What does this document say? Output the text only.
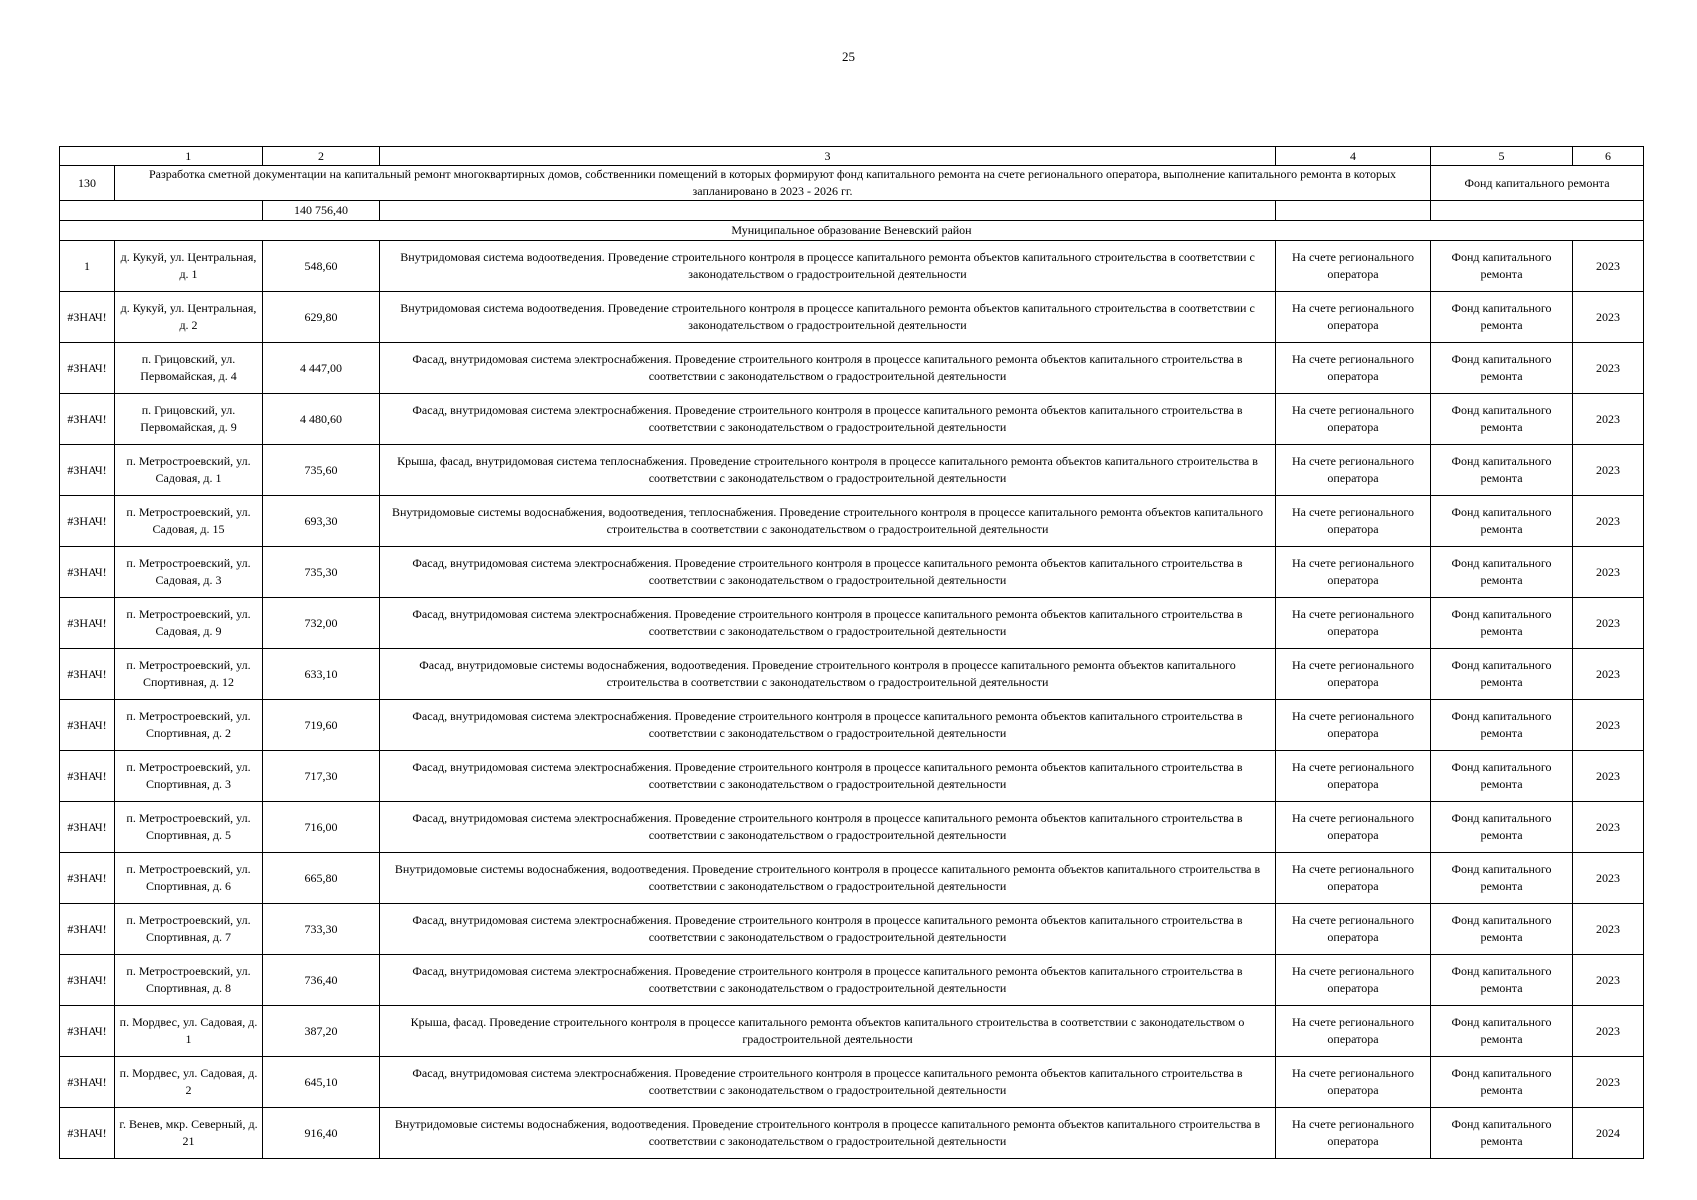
25
	1	2	3	4	5	6
130	Разработка сметной документации на капитальный ремонт многоквартирных домов, собственники помещений в которых формируют фонд капитального ремонта на счете регионального оператора, выполнение капитального ремонта в которых запланировано в 2023 - 2026 гг.				Фонд капитального ремонта	
		140 756,40				
Муниципальное образование Веневский район						
1	д. Кукуй, ул. Центральная, д. 1	548,60	Внутридомовая система водоотведения. Проведение строительного контроля в процессе капитального ремонта объектов капитального строительства в соответствии с законодательством о градостроительной деятельности	На счете регионального оператора	Фонд капитального ремонта	2023
#ЗНАЧ!	д. Кукуй, ул. Центральная, д. 2	629,80	Внутридомовая система водоотведения. Проведение строительного контроля в процессе капитального ремонта объектов капитального строительства в соответствии с законодательством о градостроительной деятельности	На счете регионального оператора	Фонд капитального ремонта	2023
#ЗНАЧ!	п. Грицовский, ул. Первомайская, д. 4	4 447,00	Фасад, внутридомовая система электроснабжения. Проведение строительного контроля в процессе капитального ремонта объектов капитального строительства в соответствии с законодательством о градостроительной деятельности	На счете регионального оператора	Фонд капитального ремонта	2023
#ЗНАЧ!	п. Грицовский, ул. Первомайская, д. 9	4 480,60	Фасад, внутридомовая система электроснабжения. Проведение строительного контроля в процессе капитального ремонта объектов капитального строительства в соответствии с законодательством о градостроительной деятельности	На счете регионального оператора	Фонд капитального ремонта	2023
#ЗНАЧ!	п. Метростроевский, ул. Садовая, д. 1	735,60	Крыша, фасад, внутридомовая система теплоснабжения. Проведение строительного контроля в процессе капитального ремонта объектов капитального строительства в соответствии с законодательством о градостроительной деятельности	На счете регионального оператора	Фонд капитального ремонта	2023
#ЗНАЧ!	п. Метростроевский, ул. Садовая, д. 15	693,30	Внутридомовые системы водоснабжения, водоотведения, теплоснабжения. Проведение строительного контроля в процессе капитального ремонта объектов капитального строительства в соответствии с законодательством о градостроительной деятельности	На счете регионального оператора	Фонд капитального ремонта	2023
#ЗНАЧ!	п. Метростроевский, ул. Садовая, д. 3	735,30	Фасад, внутридомовая система электроснабжения. Проведение строительного контроля в процессе капитального ремонта объектов капитального строительства в соответствии с законодательством о градостроительной деятельности	На счете регионального оператора	Фонд капитального ремонта	2023
#ЗНАЧ!	п. Метростроевский, ул. Садовая, д. 9	732,00	Фасад, внутридомовая система электроснабжения. Проведение строительного контроля в процессе капитального ремонта объектов капитального строительства в соответствии с законодательством о градостроительной деятельности	На счете регионального оператора	Фонд капитального ремонта	2023
#ЗНАЧ!	п. Метростроевский, ул. Спортивная, д. 12	633,10	Фасад, внутридомовые системы водоснабжения, водоотведения. Проведение строительного контроля в процессе капитального ремонта объектов капитального строительства в соответствии с законодательством о градостроительной деятельности	На счете регионального оператора	Фонд капитального ремонта	2023
#ЗНАЧ!	п. Метростроевский, ул. Спортивная, д. 2	719,60	Фасад, внутридомовая система электроснабжения. Проведение строительного контроля в процессе капитального ремонта объектов капитального строительства в соответствии с законодательством о градостроительной деятельности	На счете регионального оператора	Фонд капитального ремонта	2023
#ЗНАЧ!	п. Метростроевский, ул. Спортивная, д. 3	717,30	Фасад, внутридомовая система электроснабжения. Проведение строительного контроля в процессе капитального ремонта объектов капитального строительства в соответствии с законодательством о градостроительной деятельности	На счете регионального оператора	Фонд капитального ремонта	2023
#ЗНАЧ!	п. Метростроевский, ул. Спортивная, д. 5	716,00	Фасад, внутридомовая система электроснабжения. Проведение строительного контроля в процессе капитального ремонта объектов капитального строительства в соответствии с законодательством о градостроительной деятельности	На счете регионального оператора	Фонд капитального ремонта	2023
#ЗНАЧ!	п. Метростроевский, ул. Спортивная, д. 6	665,80	Внутридомовые системы водоснабжения, водоотведения. Проведение строительного контроля в процессе капитального ремонта объектов капитального строительства в соответствии с законодательством о градостроительной деятельности	На счете регионального оператора	Фонд капитального ремонта	2023
#ЗНАЧ!	п. Метростроевский, ул. Спортивная, д. 7	733,30	Фасад, внутридомовая система электроснабжения. Проведение строительного контроля в процессе капитального ремонта объектов капитального строительства в соответствии с законодательством о градостроительной деятельности	На счете регионального оператора	Фонд капитального ремонта	2023
#ЗНАЧ!	п. Метростроевский, ул. Спортивная, д. 8	736,40	Фасад, внутридомовая система электроснабжения. Проведение строительного контроля в процессе капитального ремонта объектов капитального строительства в соответствии с законодательством о градостроительной деятельности	На счете регионального оператора	Фонд капитального ремонта	2023
#ЗНАЧ!	п. Мордвес, ул. Садовая, д. 1	387,20	Крыша, фасад. Проведение строительного контроля в процессе капитального ремонта объектов капитального строительства в соответствии с законодательством о градостроительной деятельности	На счете регионального оператора	Фонд капитального ремонта	2023
#ЗНАЧ!	п. Мордвес, ул. Садовая, д. 2	645,10	Фасад, внутридомовая система электроснабжения. Проведение строительного контроля в процессе капитального ремонта объектов капитального строительства в соответствии с законодательством о градостроительной деятельности	На счете регионального оператора	Фонд капитального ремонта	2023
#ЗНАЧ!	г. Венев, мкр. Северный, д. 21	916,40	Внутридомовые системы водоснабжения, водоотведения. Проведение строительного контроля в процессе капитального ремонта объектов капитального строительства в соответствии с законодательством о градостроительной деятельности	На счете регионального оператора	Фонд капитального ремонта	2024
